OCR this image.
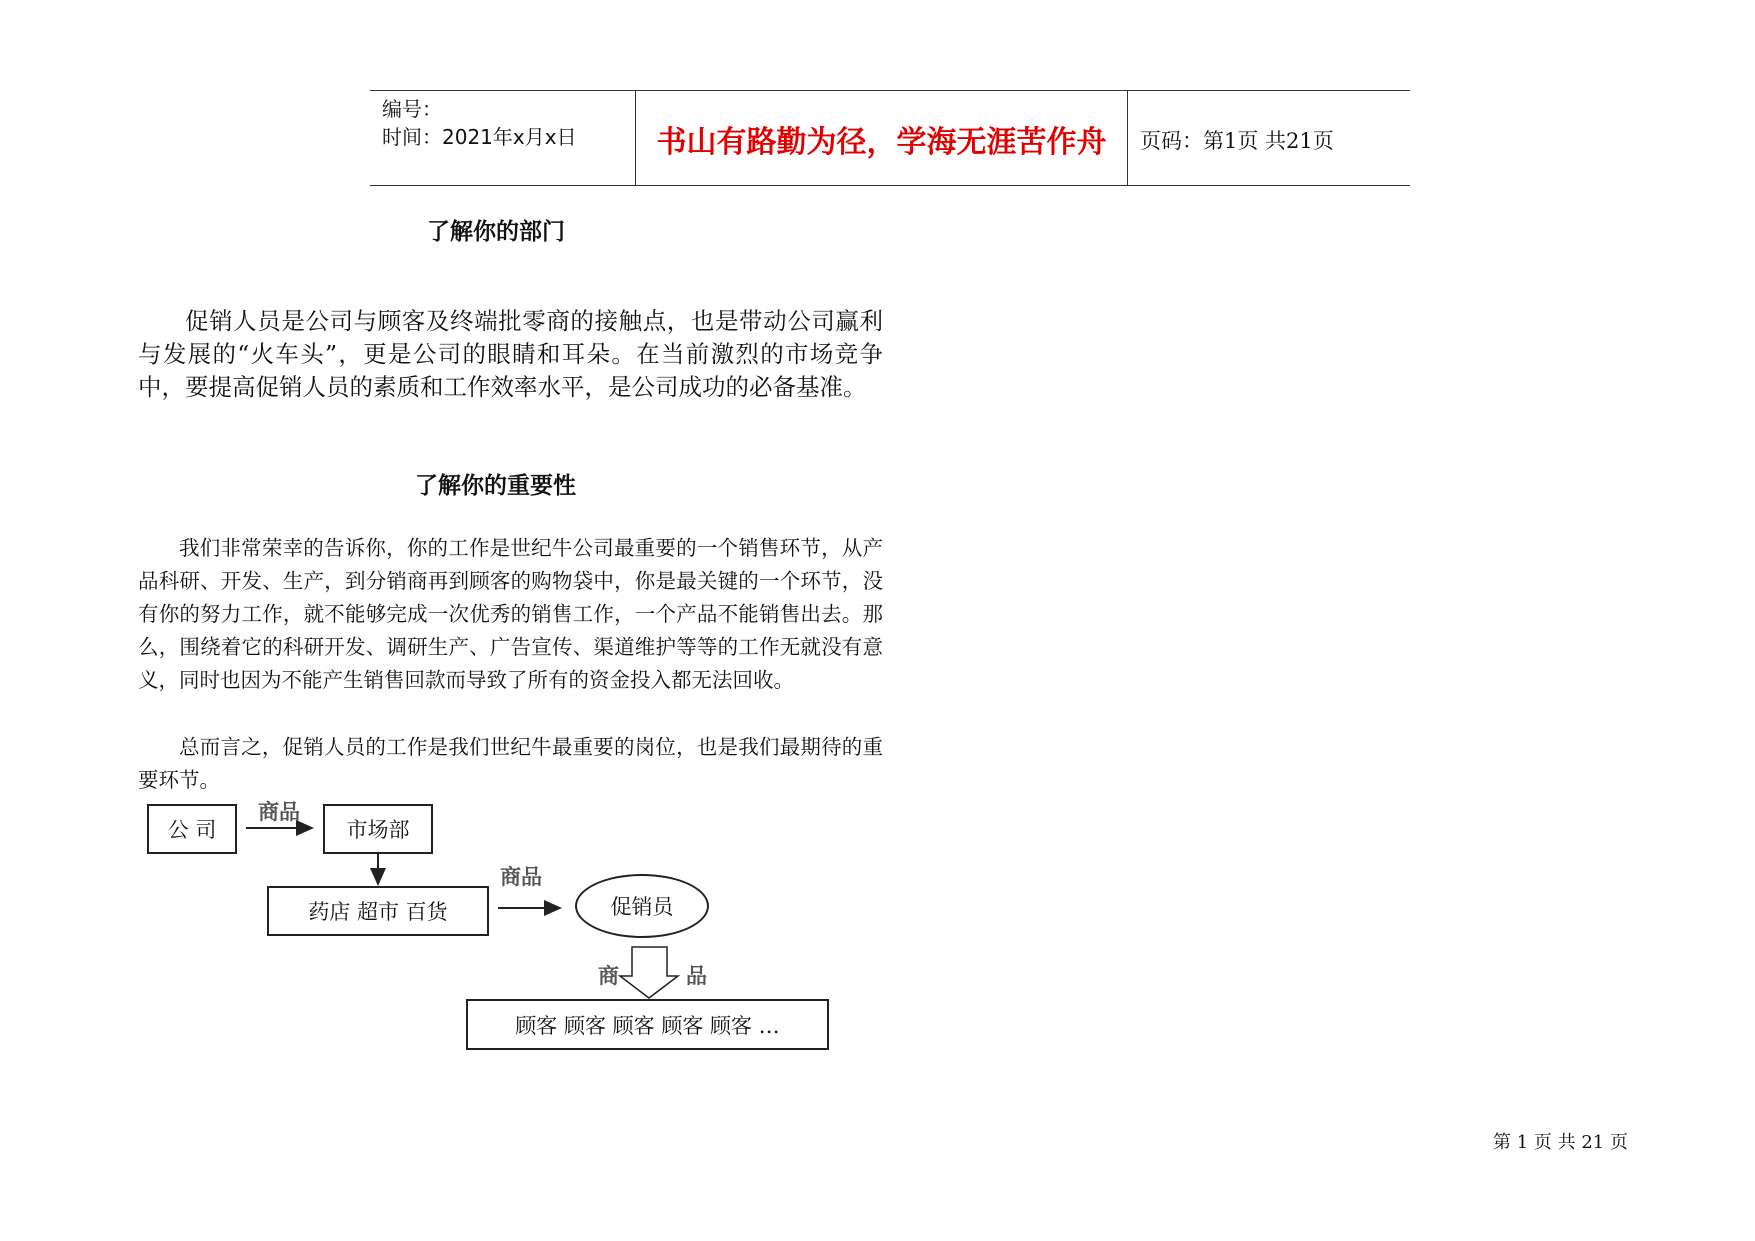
编号：
时间：2021年x月x日	书山有路勤为径，学海无涯苦作舟	页码：第1页 共21页
了解你的部门
促销人员是公司与顾客及终端批零商的接触点，也是带动公司赢利与发展的“火车头”，更是公司的眼睛和耳朵。在当前激烈的市场竞争中，要提高促销人员的素质和工作效率水平，是公司成功的必备基准。
了解你的重要性
我们非常荣幸的告诉你，你的工作是世纪牛公司最重要的一个销售环节，从产品科研、开发、生产，到分销商再到顾客的购物袋中，你是最关键的一个环节，没有你的努力工作，就不能够完成一次优秀的销售工作，一个产品不能销售出去。那么，围绕着它的科研开发、调研生产、广告宣传、渠道维护等等的工作无就没有意义，同时也因为不能产生销售回款而导致了所有的资金投入都无法回收。
总而言之，促销人员的工作是我们世纪牛最重要的岗位，也是我们最期待的重要环节。
公 司
商品
市场部
药店 超市 百货
商品
促销员
商	品
顾客 顾客 顾客 顾客 顾客 …
第 1 页 共 21 页
